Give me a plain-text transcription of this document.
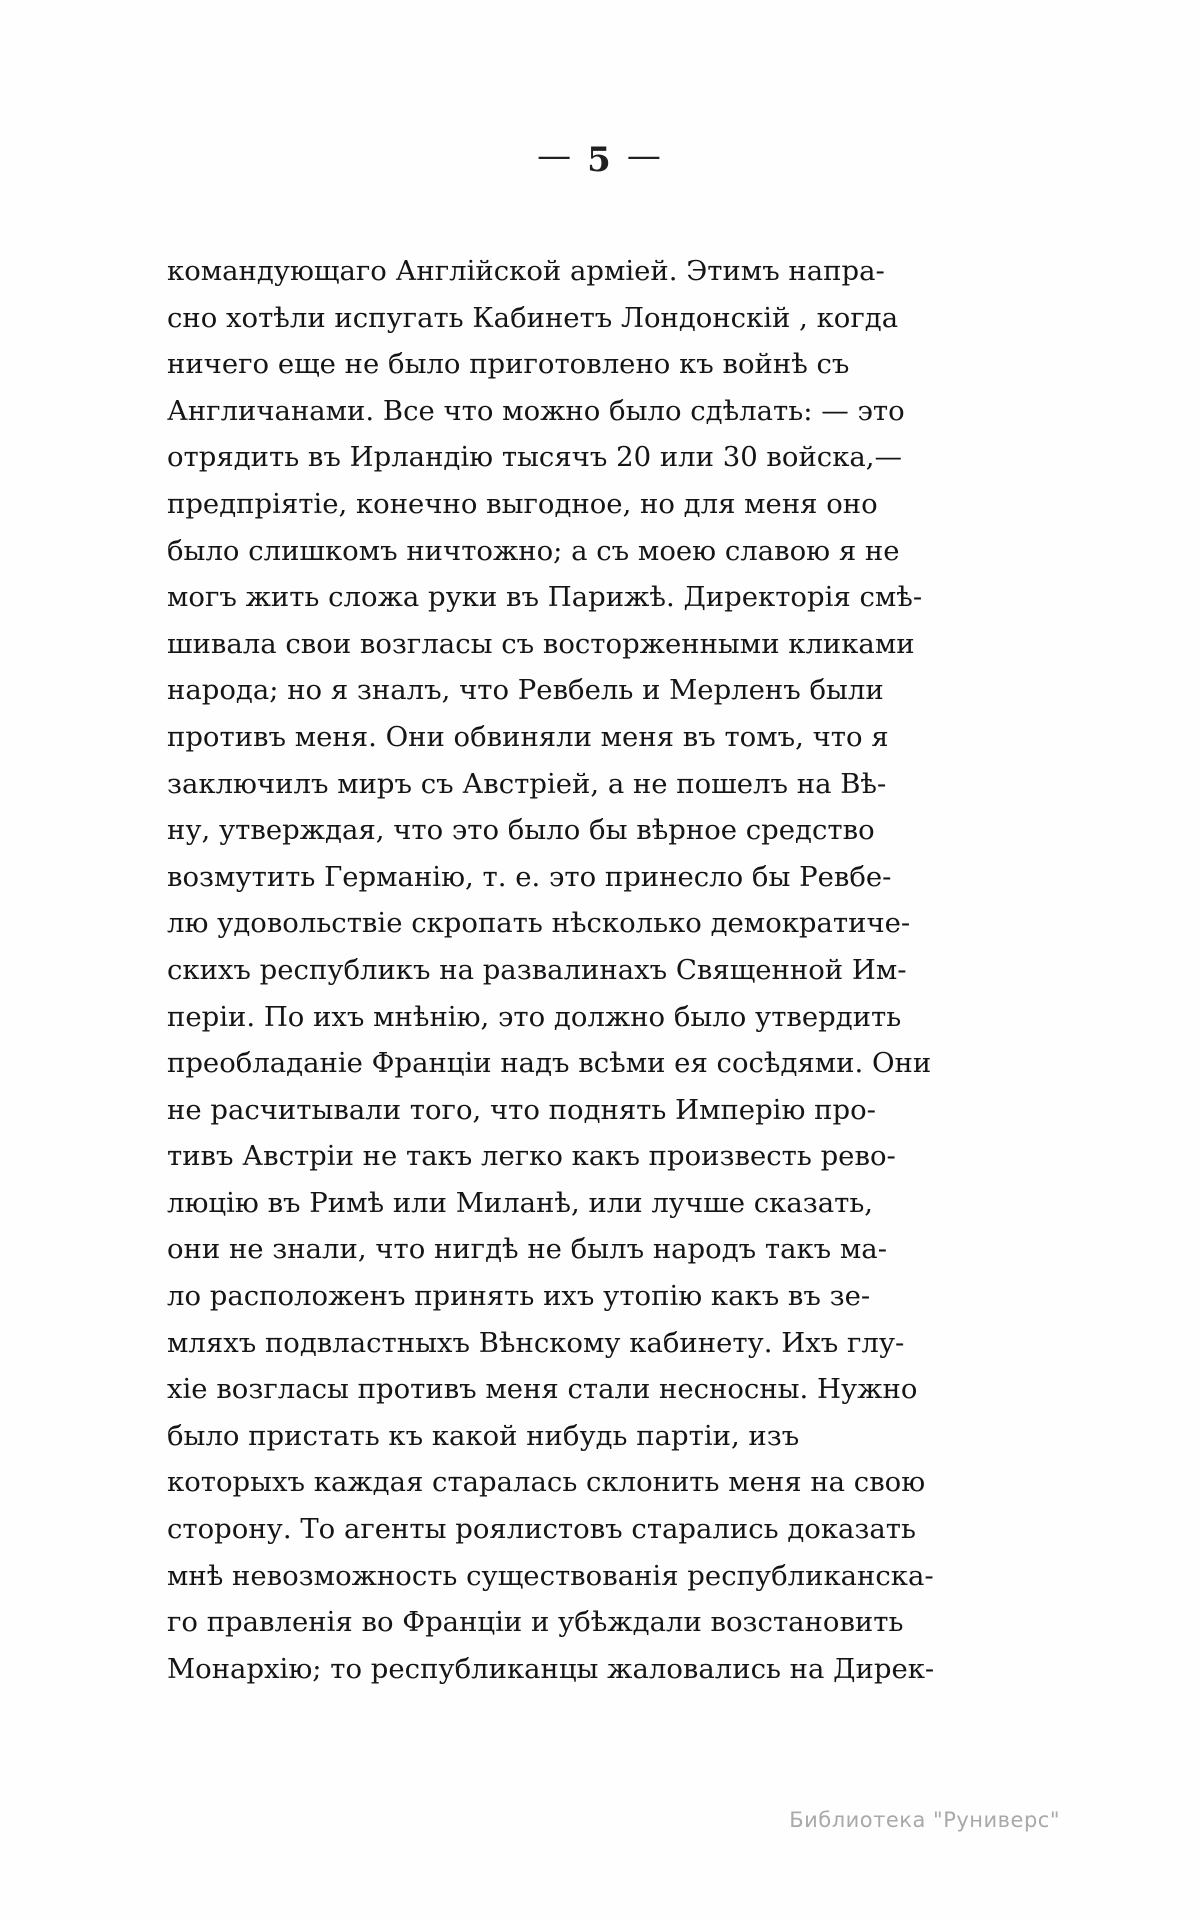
— 5 —

командующаго Англійской арміей. Этимъ напра-
сно хотѣли испугать Кабинетъ Лондонскій , когда
ничего еще не было приготовлено къ войнѣ съ
Англичанами. Все что можно было сдѣлать: — это
отрядить въ Ирландію тысячъ 20 или 30 войска,—
предпріятіе, конечно выгодное, но для меня оно
было слишкомъ ничтожно; а съ моею славою я не
могъ жить сложа руки въ Парижѣ. Директорія смѣ-
шивала свои возгласы съ восторженными кликами
народа; но я зналъ, что Ревбель и Мерленъ были
противъ меня. Они обвиняли меня въ томъ, что я
заключилъ миръ съ Австріей, а не пошелъ на Вѣ-
ну, утверждая, что это было бы вѣрное средство
возмутить Германію, т. е. это принесло бы Ревбе-
лю удовольствіе скропать нѣсколько демократиче-
скихъ республикъ на развалинахъ Священной Им-
періи. По ихъ мнѣнію, это должно было утвердить
преобладаніе Франціи надъ всѣми ея сосѣдями. Они
не расчитывали того, что поднять Имперію про-
тивъ Австріи не такъ легко какъ произвесть рево-
люцію въ Римѣ или Миланѣ, или лучше сказать,
они не знали, что нигдѣ не былъ народъ такъ ма-
ло расположенъ принять ихъ утопію какъ въ зе-
мляхъ подвластныхъ Вѣнскому кабинету. Ихъ глу-
хіе возгласы противъ меня стали несносны. Нужно
было пристать къ какой нибудь партіи, изъ
которыхъ каждая старалась склонить меня на свою
сторону. То агенты роялистовъ старались доказать
мнѣ невозможность существованія республиканска-
го правленія во Франціи и убѣждали возстановить
Монархію; то республиканцы жаловались на Дирек-

Библиотека "Руниверс"
